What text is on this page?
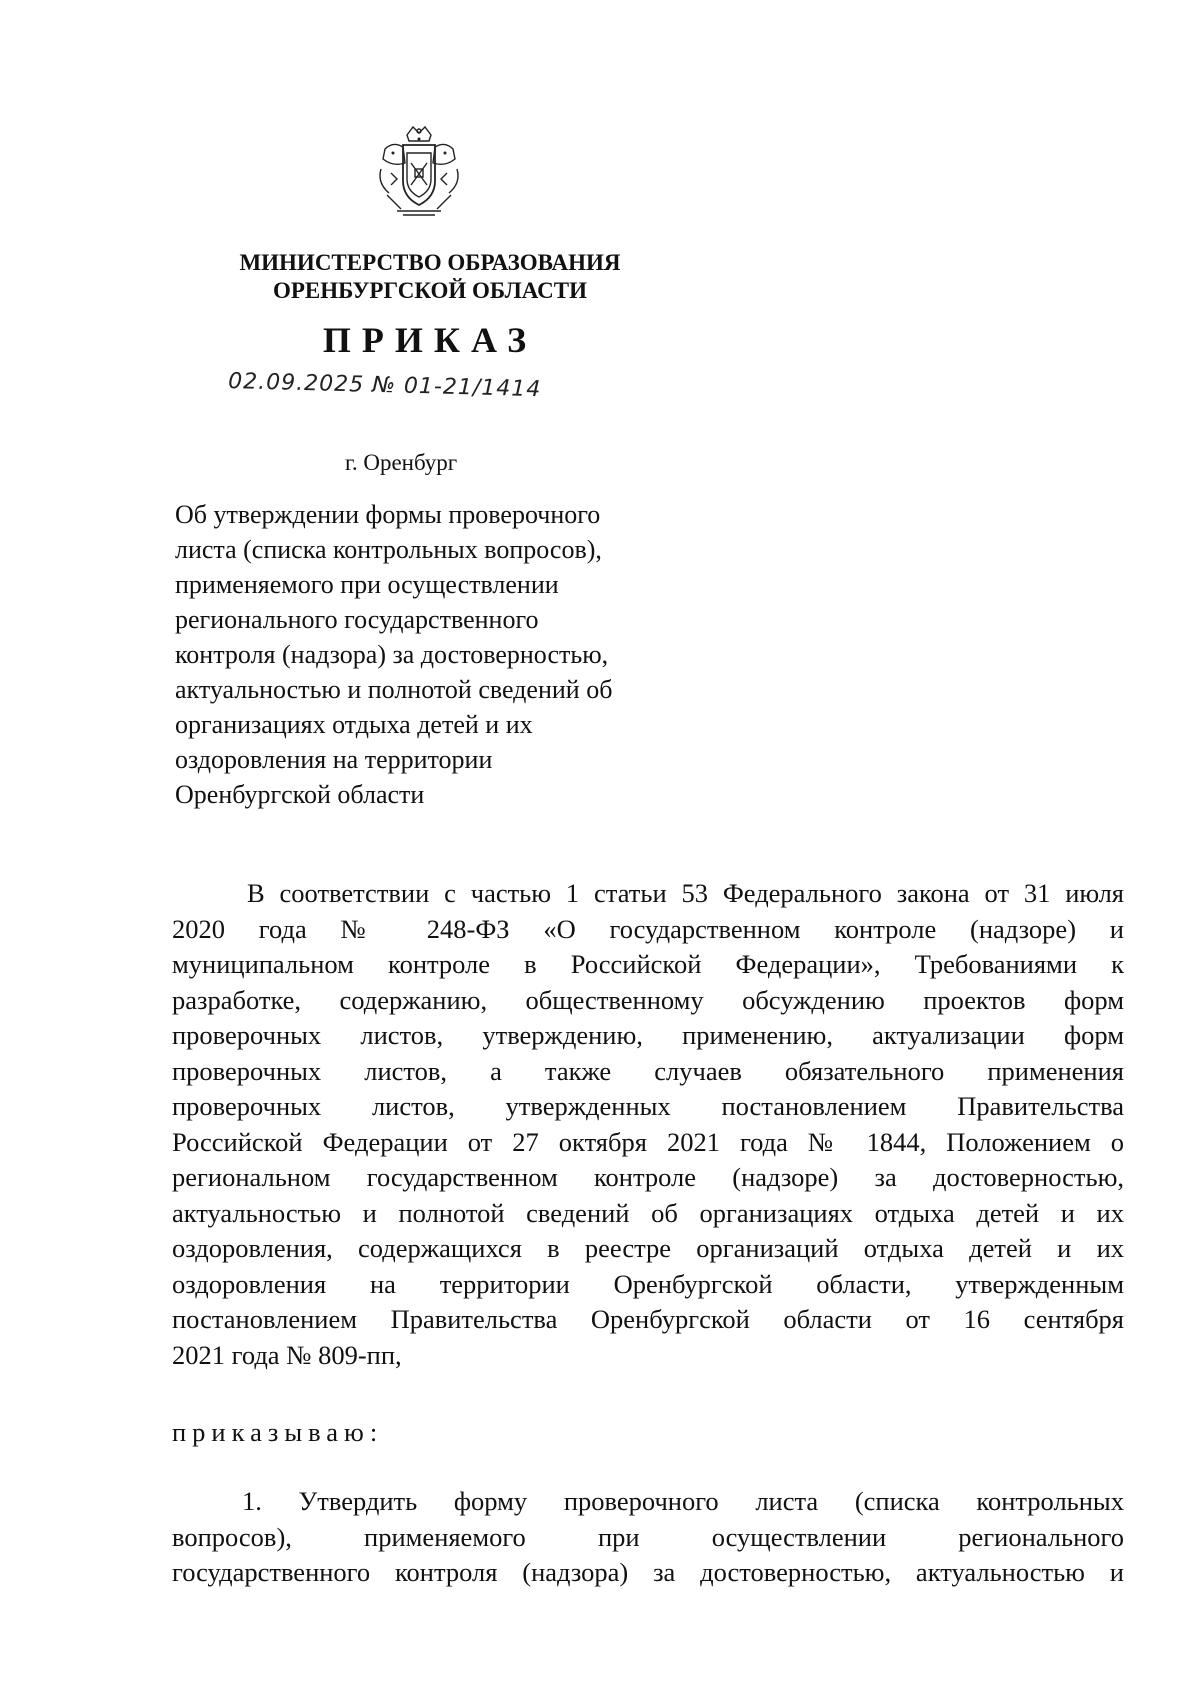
МИНИСТЕРСТВО ОБРАЗОВАНИЯ
ОРЕНБУРГСКОЙ ОБЛАСТИ
ПРИКАЗ
02.09.2025 № 01-21/1414
г. Оренбург
Об утверждении формы проверочного
листа (списка контрольных вопросов),
применяемого при осуществлении
регионального государственного
контроля (надзора) за достоверностью,
актуальностью и полнотой сведений об
организациях отдыха детей и их
оздоровления на территории
Оренбургской области
В соответствии с частью 1 статьи 53 Федерального закона от 31 июля
2020 года № 248-ФЗ «О государственном контроле (надзоре) и
муниципальном контроле в Российской Федерации», Требованиями к
разработке, содержанию, общественному обсуждению проектов форм
проверочных листов, утверждению, применению, актуализации форм
проверочных листов, а также случаев обязательного применения
проверочных листов, утвержденных постановлением Правительства
Российской Федерации от 27 октября 2021 года № 1844, Положением о
региональном государственном контроле (надзоре) за достоверностью,
актуальностью и полнотой сведений об организациях отдыха детей и их
оздоровления, содержащихся в реестре организаций отдыха детей и их
оздоровления на территории Оренбургской области, утвержденным
постановлением Правительства Оренбургской области от 16 сентября
2021 года № 809-пп,
приказываю:
1. Утвердить форму проверочного листа (списка контрольных
вопросов), применяемого при осуществлении регионального
государственного контроля (надзора) за достоверностью, актуальностью и
